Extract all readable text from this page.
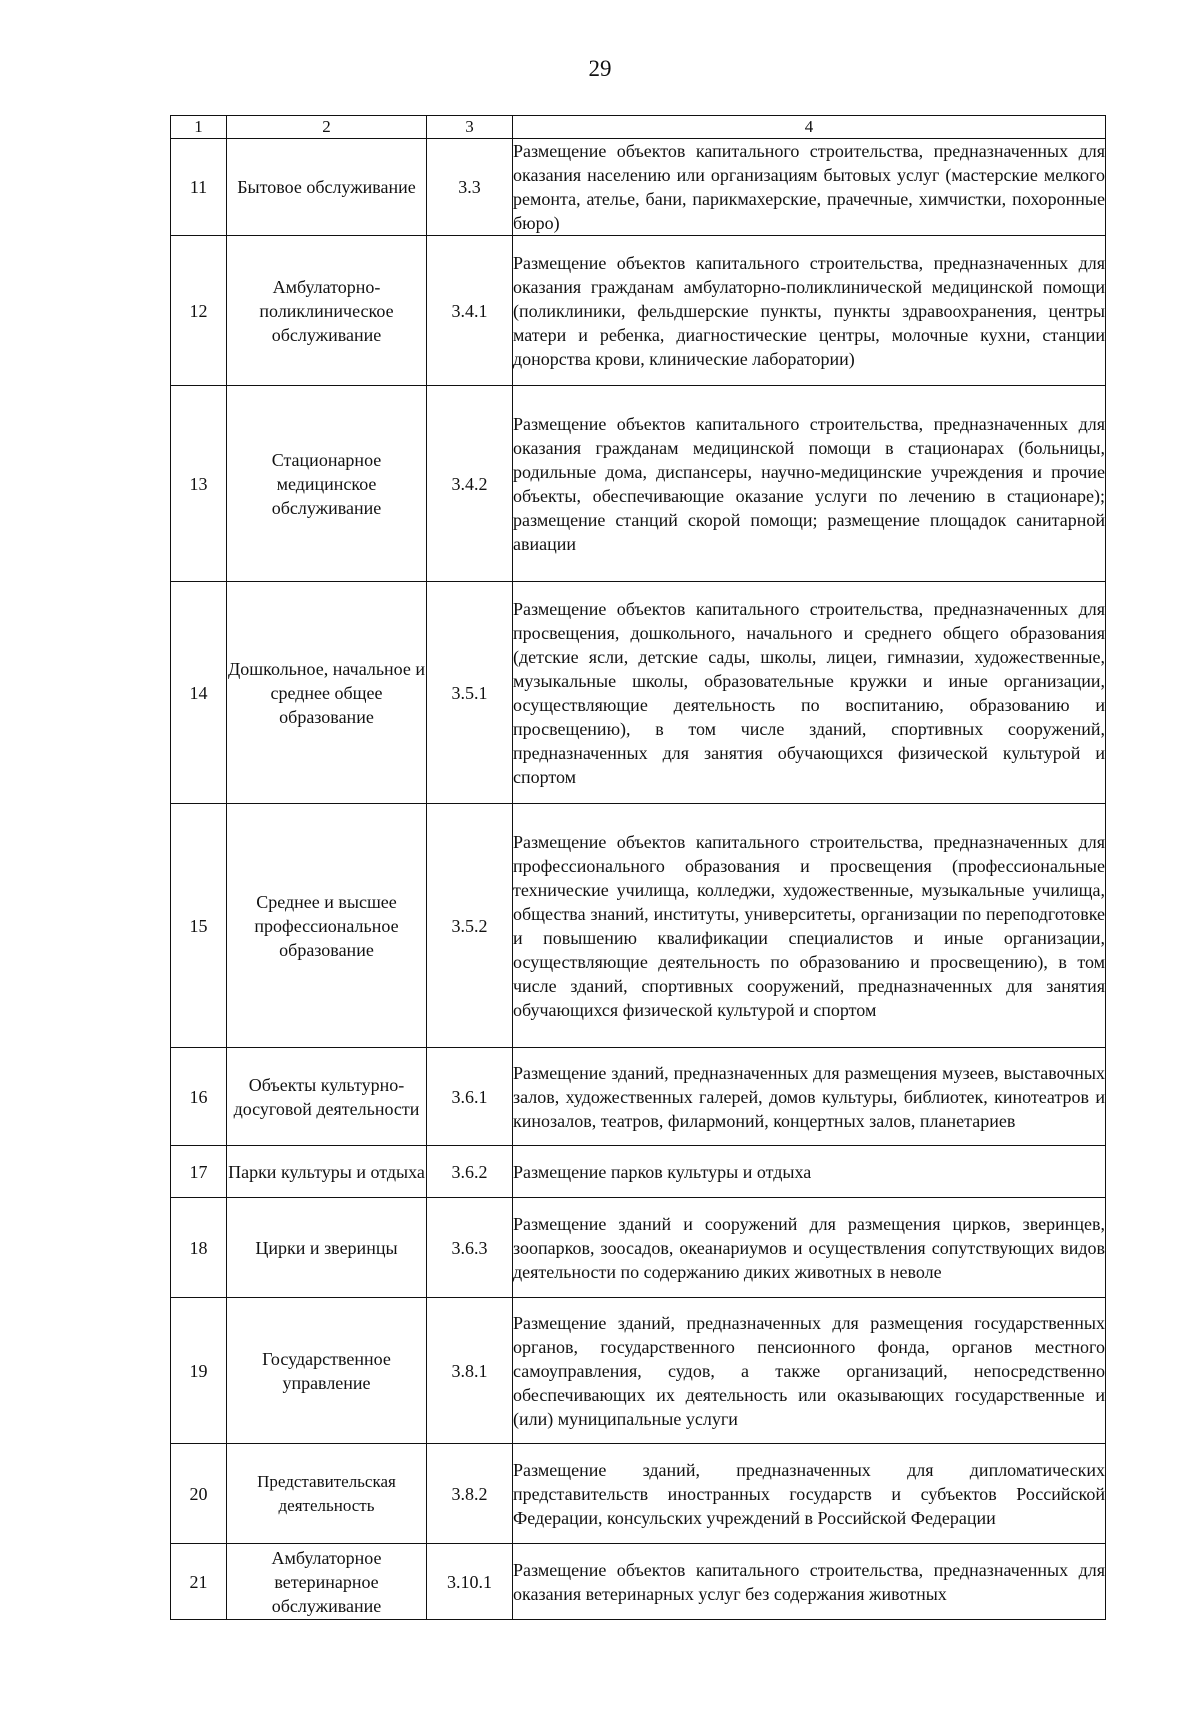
29
1	2	3	4
11	Бытовое обслуживание	3.3	Размещение объектов капитального строительства, предназначенных для оказания населению или организациям бытовых услуг (мастерские мелкого ремонта, ателье, бани, парикмахерские, прачечные, химчистки, похоронные бюро)
12	Амбулаторно-поликлиническое обслуживание	3.4.1	Размещение объектов капитального строительства, предназначенных для оказания гражданам амбулаторно-поликлинической медицинской помощи (поликлиники, фельдшерские пункты, пункты здравоохранения, центры матери и ребенка, диагностические центры, молочные кухни, станции донорства крови, клинические лаборатории)
13	Стационарное медицинское обслуживание	3.4.2	Размещение объектов капитального строительства, предназначенных для оказания гражданам медицинской помощи в стационарах (больницы, родильные дома, диспансеры, научно-медицинские учреждения и прочие объекты, обеспечивающие оказание услуги по лечению в стационаре); размещение станций скорой помощи; размещение площадок санитарной авиации
14	Дошкольное, начальное и среднее общее образование	3.5.1	Размещение объектов капитального строительства, предназначенных для просвещения, дошкольного, начального и среднего общего образования (детские ясли, детские сады, школы, лицеи, гимназии, художественные, музыкальные школы, образовательные кружки и иные организации, осуществляющие деятельность по воспитанию, образованию и просвещению), в том числе зданий, спортивных сооружений, предназначенных для занятия обучающихся физической культурой и спортом
15	Среднее и высшее профессиональное образование	3.5.2	Размещение объектов капитального строительства, предназначенных для профессионального образования и просвещения (профессиональные технические училища, колледжи, художественные, музыкальные училища, общества знаний, институты, университеты, организации по переподготовке и повышению квалификации специалистов и иные организации, осуществляющие деятельность по образованию и просвещению), в том числе зданий, спортивных сооружений, предназначенных для занятия обучающихся физической культурой и спортом
16	Объекты культурно-досуговой деятельности	3.6.1	Размещение зданий, предназначенных для размещения музеев, выставочных залов, художественных галерей, домов культуры, библиотек, кинотеатров и кинозалов, театров, филармоний, концертных залов, планетариев
17	Парки культуры и отдыха	3.6.2	Размещение парков культуры и отдыха
18	Цирки и зверинцы	3.6.3	Размещение зданий и сооружений для размещения цирков, зверинцев, зоопарков, зоосадов, океанариумов и осуществления сопутствующих видов деятельности по содержанию диких животных в неволе
19	Государственное управление	3.8.1	Размещение зданий, предназначенных для размещения государственных органов, государственного пенсионного фонда, органов местного самоуправления, судов, а также организаций, непосредственно обеспечивающих их деятельность или оказывающих государственные и (или) муниципальные услуги
20	Представительская деятельность	3.8.2	Размещение зданий, предназначенных для дипломатических представительств иностранных государств и субъектов Российской Федерации, консульских учреждений в Российской Федерации
21	Амбулаторное ветеринарное обслуживание	3.10.1	Размещение объектов капитального строительства, предназначенных для оказания ветеринарных услуг без содержания животных
